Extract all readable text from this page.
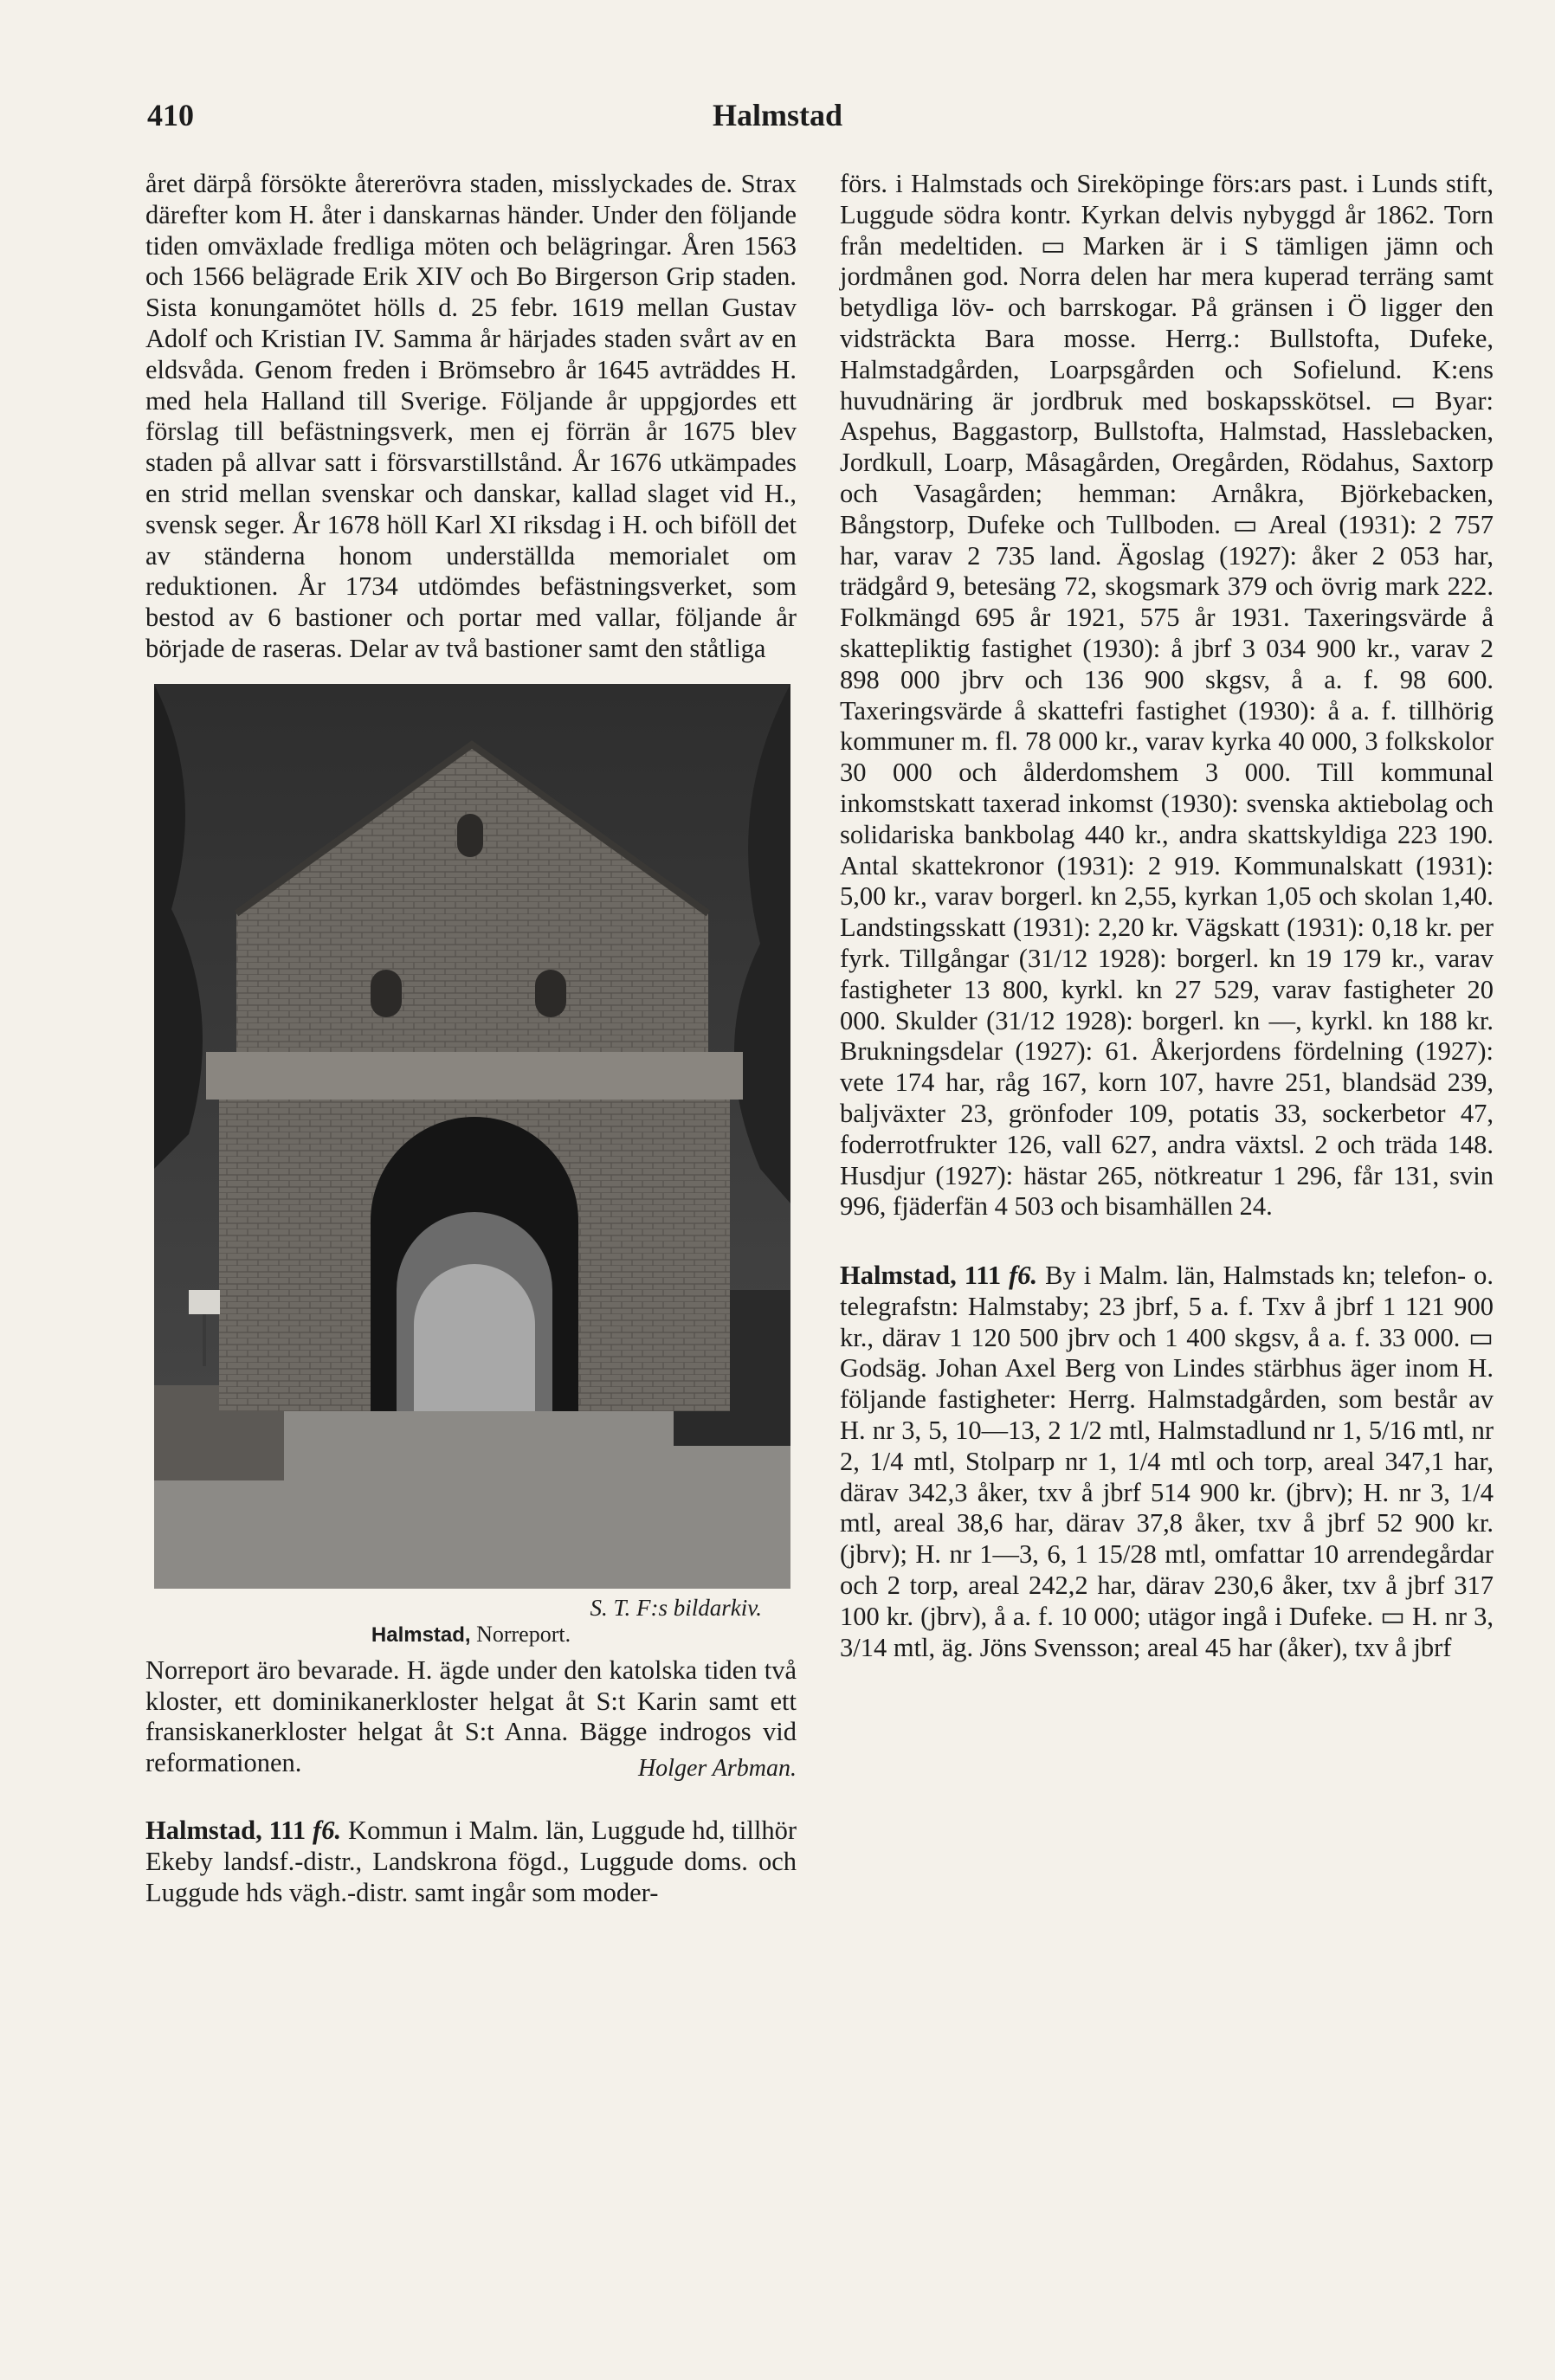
410	Halmstad

året därpå försökte återerövra staden, misslyckades de. Strax därefter kom H. åter i danskarnas händer. Under den följande tiden omväxlade fredliga möten och belägringar. Åren 1563 och 1566 belägrade Erik XIV och Bo Birgerson Grip staden. Sista konungamötet hölls d. 25 febr. 1619 mellan Gustav Adolf och Kristian IV. Samma år härjades staden svårt av en eldsvåda. Genom freden i Brömsebro år 1645 avträddes H. med hela Halland till Sverige. Följande år uppgjordes ett förslag till befästningsverk, men ej förrän år 1675 blev staden på allvar satt i försvarstillstånd. År 1676 utkämpades en strid mellan svenskar och danskar, kallad slaget vid H., svensk seger. År 1678 höll Karl XI riksdag i H. och biföll det av ständerna honom underställda memorialet om reduktionen. År 1734 utdömdes befästningsverket, som bestod av 6 bastioner och portar med vallar, följande år började de raseras. Delar av två bastioner samt den ståtliga

S. T. F:s bildarkiv.
Halmstad, Norreport.

Norreport äro bevarade. H. ägde under den katolska tiden två kloster, ett dominikanerkloster helgat åt S:t Karin samt ett fransiskanerkloster helgat åt S:t Anna. Bägge indrogos vid reformationen.	Holger Arbman.

Halmstad, 111 f6. Kommun i Malm. län, Luggude hd, tillhör Ekeby landsf.-distr., Landskrona fögd., Luggude doms. och Luggude hds vägh.-distr. samt ingår som moder-

förs. i Halmstads och Sireköpinge förs:ars past. i Lunds stift, Luggude södra kontr. Kyrkan delvis nybyggd år 1862. Torn från medeltiden. ▭ Marken är i S tämligen jämn och jordmånen god. Norra delen har mera kuperad terräng samt betydliga löv- och barrskogar. På gränsen i Ö ligger den vidsträckta Bara mosse. Herrg.: Bullstofta, Dufeke, Halmstadgården, Loarpsgården och Sofielund. K:ens huvudnäring är jordbruk med boskapsskötsel. ▭ Byar: Aspehus, Baggastorp, Bullstofta, Halmstad, Hasslebacken, Jordkull, Loarp, Måsagården, Oregården, Rödahus, Saxtorp och Vasagården; hemman: Arnåkra, Björkebacken, Bångstorp, Dufeke och Tullboden. ▭ Areal (1931): 2 757 har, varav 2 735 land. Ägoslag (1927): åker 2 053 har, trädgård 9, betesäng 72, skogsmark 379 och övrig mark 222. Folkmängd 695 år 1921, 575 år 1931. Taxeringsvärde å skattepliktig fastighet (1930): å jbrf 3 034 900 kr., varav 2 898 000 jbrv och 136 900 skgsv, å a. f. 98 600. Taxeringsvärde å skattefri fastighet (1930): å a. f. tillhörig kommuner m. fl. 78 000 kr., varav kyrka 40 000, 3 folkskolor 30 000 och ålderdomshem 3 000. Till kommunal inkomstskatt taxerad inkomst (1930): svenska aktiebolag och solidariska bankbolag 440 kr., andra skattskyldiga 223 190. Antal skattekronor (1931): 2 919. Kommunalskatt (1931): 5,00 kr., varav borgerl. kn 2,55, kyrkan 1,05 och skolan 1,40. Landstingsskatt (1931): 2,20 kr. Vägskatt (1931): 0,18 kr. per fyrk. Tillgångar (31/12 1928): borgerl. kn 19 179 kr., varav fastigheter 13 800, kyrkl. kn 27 529, varav fastigheter 20 000. Skulder (31/12 1928): borgerl. kn —, kyrkl. kn 188 kr. Brukningsdelar (1927): 61. Åkerjordens fördelning (1927): vete 174 har, råg 167, korn 107, havre 251, blandsäd 239, baljväxter 23, grönfoder 109, potatis 33, sockerbetor 47, foderrotfrukter 126, vall 627, andra växtsl. 2 och träda 148. Husdjur (1927): hästar 265, nötkreatur 1 296, får 131, svin 996, fjäderfän 4 503 och bisamhällen 24.

Halmstad, 111 f6. By i Malm. län, Halmstads kn; telefon- o. telegrafstn: Halmstaby; 23 jbrf, 5 a. f. Txv å jbrf 1 121 900 kr., därav 1 120 500 jbrv och 1 400 skgsv, å a. f. 33 000. ▭ Godsäg. Johan Axel Berg von Lindes stärbhus äger inom H. följande fastigheter: Herrg. Halmstadgården, som består av H. nr 3, 5, 10—13, 2 1/2 mtl, Halmstadlund nr 1, 5/16 mtl, nr 2, 1/4 mtl, Stolparp nr 1, 1/4 mtl och torp, areal 347,1 har, därav 342,3 åker, txv å jbrf 514 900 kr. (jbrv); H. nr 3, 1/4 mtl, areal 38,6 har, därav 37,8 åker, txv å jbrf 52 900 kr. (jbrv); H. nr 1—3, 6, 1 15/28 mtl, omfattar 10 arrendegårdar och 2 torp, areal 242,2 har, därav 230,6 åker, txv å jbrf 317 100 kr. (jbrv), å a. f. 10 000; utägor ingå i Dufeke. ▭ H. nr 3, 3/14 mtl, äg. Jöns Svensson; areal 45 har (åker), txv å jbrf
